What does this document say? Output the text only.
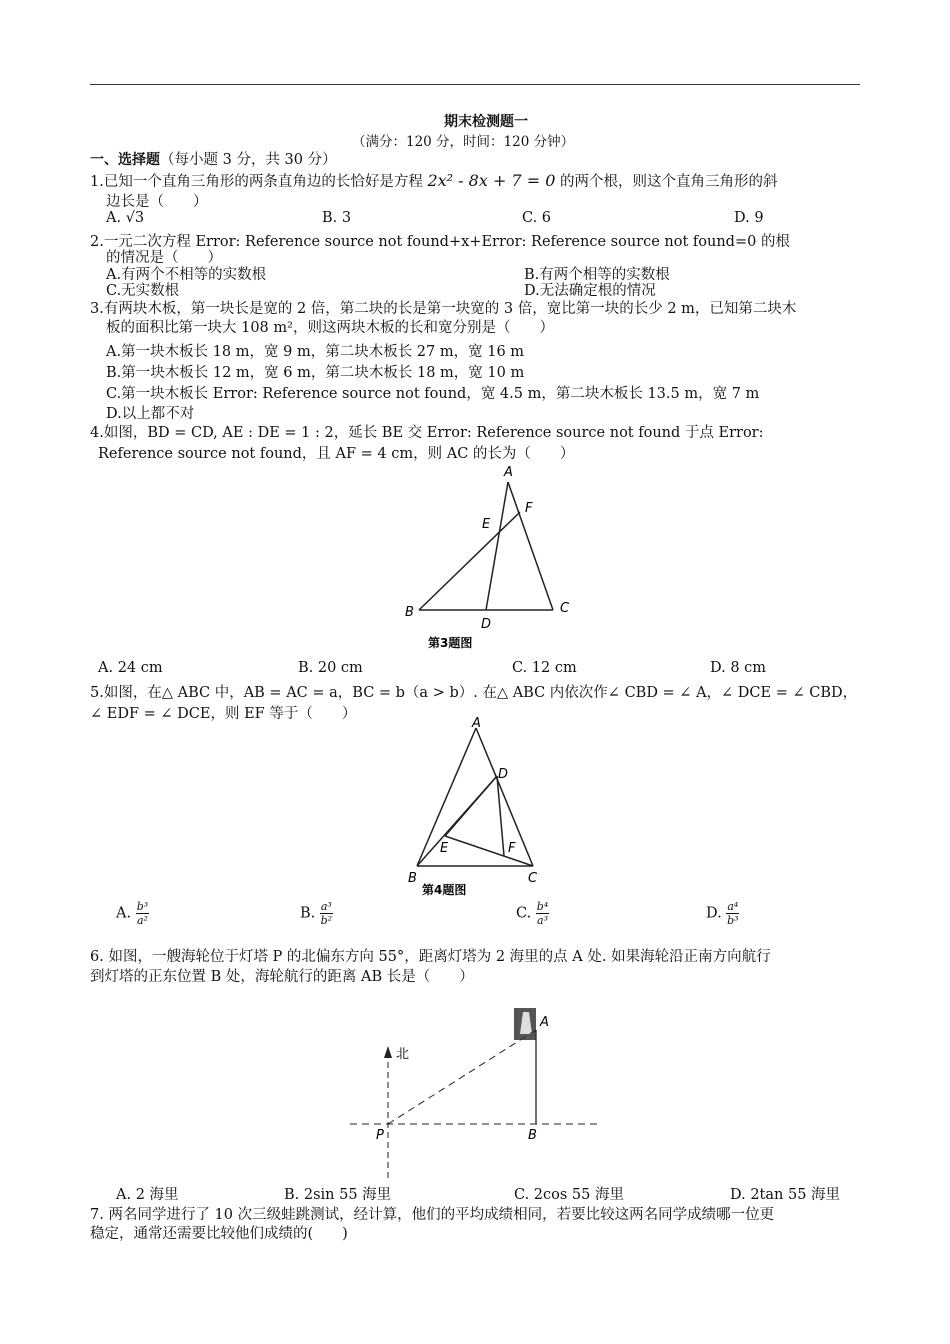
期末检测题一
（满分：120 分，时间：120 分钟）
一、选择题（每小题 3 分，共 30 分）
1.已知一个直角三角形的两条直角边的长恰好是方程 2x² - 8x + 7 = 0 的两个根，则这个直角三角形的斜
边长是（　　）
A. √3	B. 3	C. 6	D. 9
2.一元二次方程 Error: Reference source not found+x+Error: Reference source not found=0 的根
的情况是（　　）
A.有两个不相等的实数根	B.有两个相等的实数根
C.无实数根	D.无法确定根的情况
3.有两块木板，第一块长是宽的 2 倍，第二块的长是第一块宽的 3 倍，宽比第一块的长少 2 m，已知第二块木
板的面积比第一块大 108 m²，则这两块木板的长和宽分别是（　　）
A.第一块木板长 18 m，宽 9 m，第二块木板长 27 m，宽 16 m
B.第一块木板长 12 m，宽 6 m，第二块木板长 18 m，宽 10 m
C.第一块木板长 Error: Reference source not found，宽 4.5 m，第二块木板长 13.5 m，宽 7 m
D.以上都不对
4.如图，BD = CD, AE : DE = 1 : 2，延长 BE 交 Error: Reference source not found 于点 Error:
Reference source not found，且 AF = 4 cm，则 AC 的长为（　　）
A
B	C
D
E
F
第3题图
A. 24 cm	B. 20 cm	C. 12 cm	D. 8 cm
5.如图，在△ ABC 中，AB = AC = a，BC = b（a > b）. 在△ ABC 内依次作∠ CBD = ∠ A，∠ DCE = ∠ CBD，
∠ EDF = ∠ DCE，则 EF 等于（　　）
A
B	C
D
E	F
第4题图
A. $\frac{\text{b³}}{\text{a²}}$	B. $\frac{\text{a³}}{\text{b²}}$	C. $\frac{\text{b⁴}}{\text{a³}}$	D. $\frac{\text{a⁴}}{\text{b³}}$
6. 如图，一艘海轮位于灯塔 P 的北偏东方向 55°，距离灯塔为 2 海里的点 A 处. 如果海轮沿正南方向航行
到灯塔的正东位置 B 处，海轮航行的距离 AB 长是（　　）
北
P
A
B
A. 2 海里	B. 2sin 55 海里	C. 2cos 55 海里	D. 2tan 55 海里
7. 两名同学进行了 10 次三级蛙跳测试，经计算，他们的平均成绩相同，若要比较这两名同学成绩哪一位更
稳定，通常还需要比较他们成绩的(　　)
